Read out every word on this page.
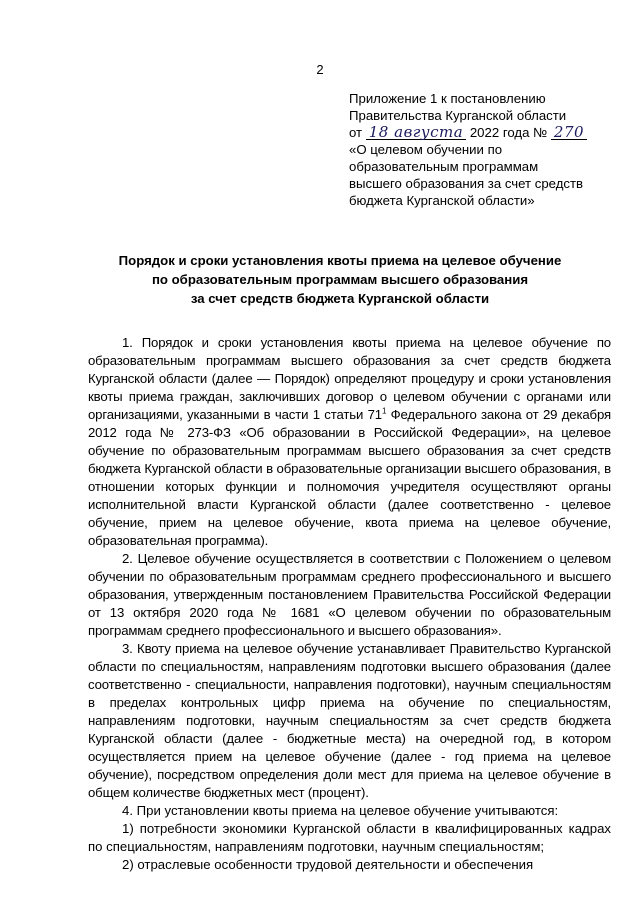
2
Приложение 1 к постановлению
Правительства Курганской области
от 18 августа 2022 года № 270
«О целевом обучении по
образовательным программам
высшего образования за счет средств
бюджета Курганской области»
Порядок и сроки установления квоты приема на целевое обучение
по образовательным программам высшего образования
за счет средств бюджета Курганской области

1. Порядок и сроки установления квоты приема на целевое обучение по образовательным программам высшего образования за счет средств бюджета Курганской области (далее — Порядок) определяют процедуру и сроки установления квоты приема граждан, заключивших договор о целевом обучении с органами или организациями, указанными в части 1 статьи $71^1$ Федерального закона от 29 декабря 2012 года № 273-ФЗ «Об образовании в Российской Федерации», на целевое обучение по образовательным программам высшего образования за счет средств бюджета Курганской области в образовательные организации высшего образования, в отношении которых функции и полномочия учредителя осуществляют органы исполнительной власти Курганской области (далее соответственно - целевое обучение, прием на целевое обучение, квота приема на целевое обучение, образовательная программа).

2. Целевое обучение осуществляется в соответствии с Положением о целевом обучении по образовательным программам среднего профессионального и высшего образования, утвержденным постановлением Правительства Российской Федерации от 13 октября 2020 года № 1681 «О целевом обучении по образовательным программам среднего профессионального и высшего образования».

3. Квоту приема на целевое обучение устанавливает Правительство Курганской области по специальностям, направлениям подготовки высшего образования (далее соответственно - специальности, направления подготовки), научным специальностям в пределах контрольных цифр приема на обучение по специальностям, направлениям подготовки, научным специальностям за счет средств бюджета Курганской области (далее - бюджетные места) на очередной год, в котором осуществляется прием на целевое обучение (далее - год приема на целевое обучение), посредством определения доли мест для приема на целевое обучение в общем количестве бюджетных мест (процент).

4. При установлении квоты приема на целевое обучение учитываются:

1) потребности экономики Курганской области в квалифицированных кадрах по специальностям, направлениям подготовки, научным специальностям;

2) отраслевые особенности трудовой деятельности и обеспечения
